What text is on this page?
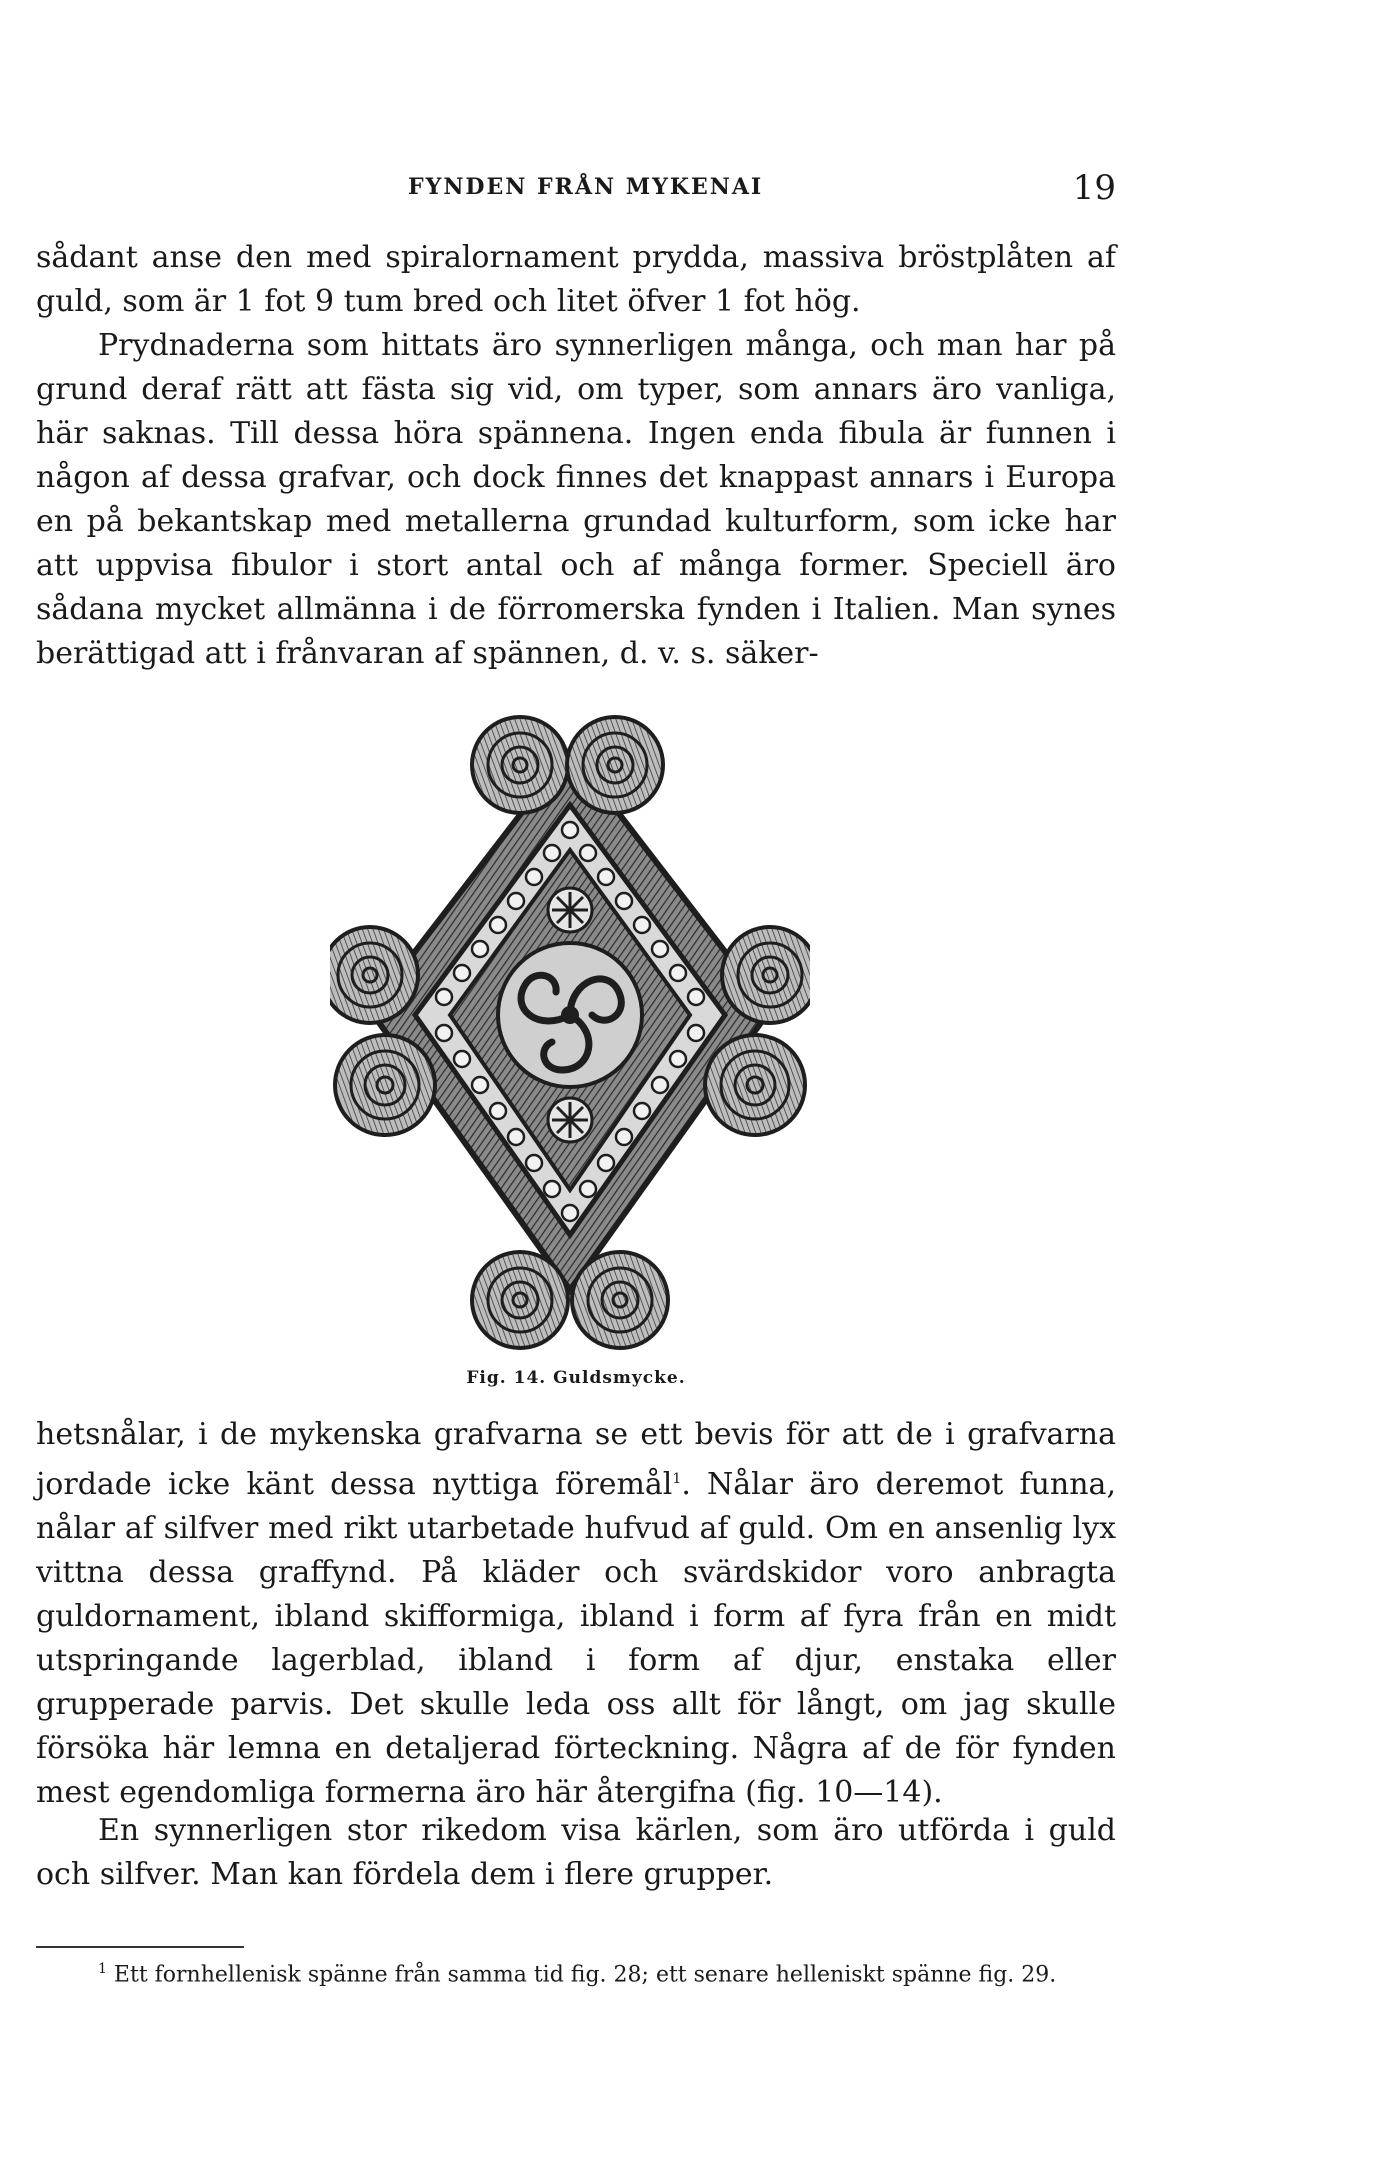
FYNDEN FRÅN MYKENAI	19

sådant anse den med spiralornament prydda, massiva bröstplåten af guld, som är 1 fot 9 tum bred och litet öfver 1 fot hög.

Prydnaderna som hittats äro synnerligen många, och man har på grund deraf rätt att fästa sig vid, om typer, som annars äro vanliga, här saknas. Till dessa höra spännena. Ingen enda fibula är funnen i någon af dessa grafvar, och dock finnes det knappast annars i Europa en på bekantskap med metallerna grundad kulturform, som icke har att uppvisa fibulor i stort antal och af många former. Speciell äro sådana mycket allmänna i de förromerska fynden i Italien. Man synes berättigad att i frånvaran af spännen, d. v. s. säker-

Fig. 14. Guldsmycke.

hetsnålar, i de mykenska grafvarna se ett bevis för att de i grafvarna jordade icke känt dessa nyttiga föremål$^1$. Nålar äro deremot funna, nålar af silfver med rikt utarbetade hufvud af guld. Om en ansenlig lyx vittna dessa graffynd. På kläder och svärdskidor voro anbragta guldornament, ibland skifformiga, ibland i form af fyra från en midt utspringande lagerblad, ibland i form af djur, enstaka eller grupperade parvis. Det skulle leda oss allt för långt, om jag skulle försöka här lemna en detaljerad förteckning. Några af de för fynden mest egendomliga formerna äro här återgifna (fig. 10—14).

En synnerligen stor rikedom visa kärlen, som äro utförda i guld och silfver. Man kan fördela dem i flere grupper.

$^1$ Ett fornhellenisk spänne från samma tid fig. 28; ett senare helleniskt spänne fig. 29.
